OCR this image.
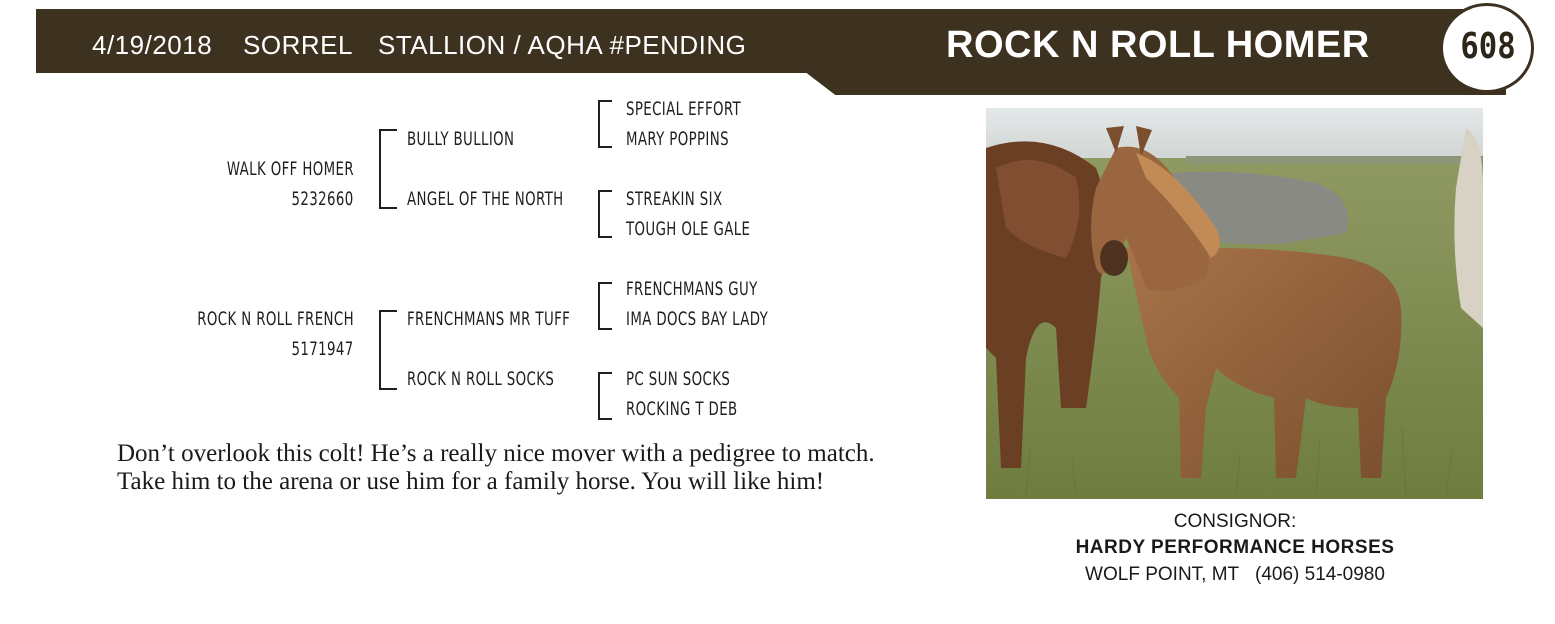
4/19/2018 SORREL STALLION / AQHA #PENDING	ROCK N ROLL HOMER	608
WALK OFF HOMER
5232660
ROCK N ROLL FRENCH
5171947
BULLY BULLION
ANGEL OF THE NORTH
FRENCHMANS MR TUFF
ROCK N ROLL SOCKS
SPECIAL EFFORT
MARY POPPINS
STREAKIN SIX
TOUGH OLE GALE
FRENCHMANS GUY
IMA DOCS BAY LADY
PC SUN SOCKS
ROCKING T DEB
Don’t overlook this colt! He’s a really nice mover with a pedigree to match.
Take him to the arena or use him for a family horse. You will like him!
CONSIGNOR:
HARDY PERFORMANCE HORSES
WOLF POINT, MT (406) 514-0980
